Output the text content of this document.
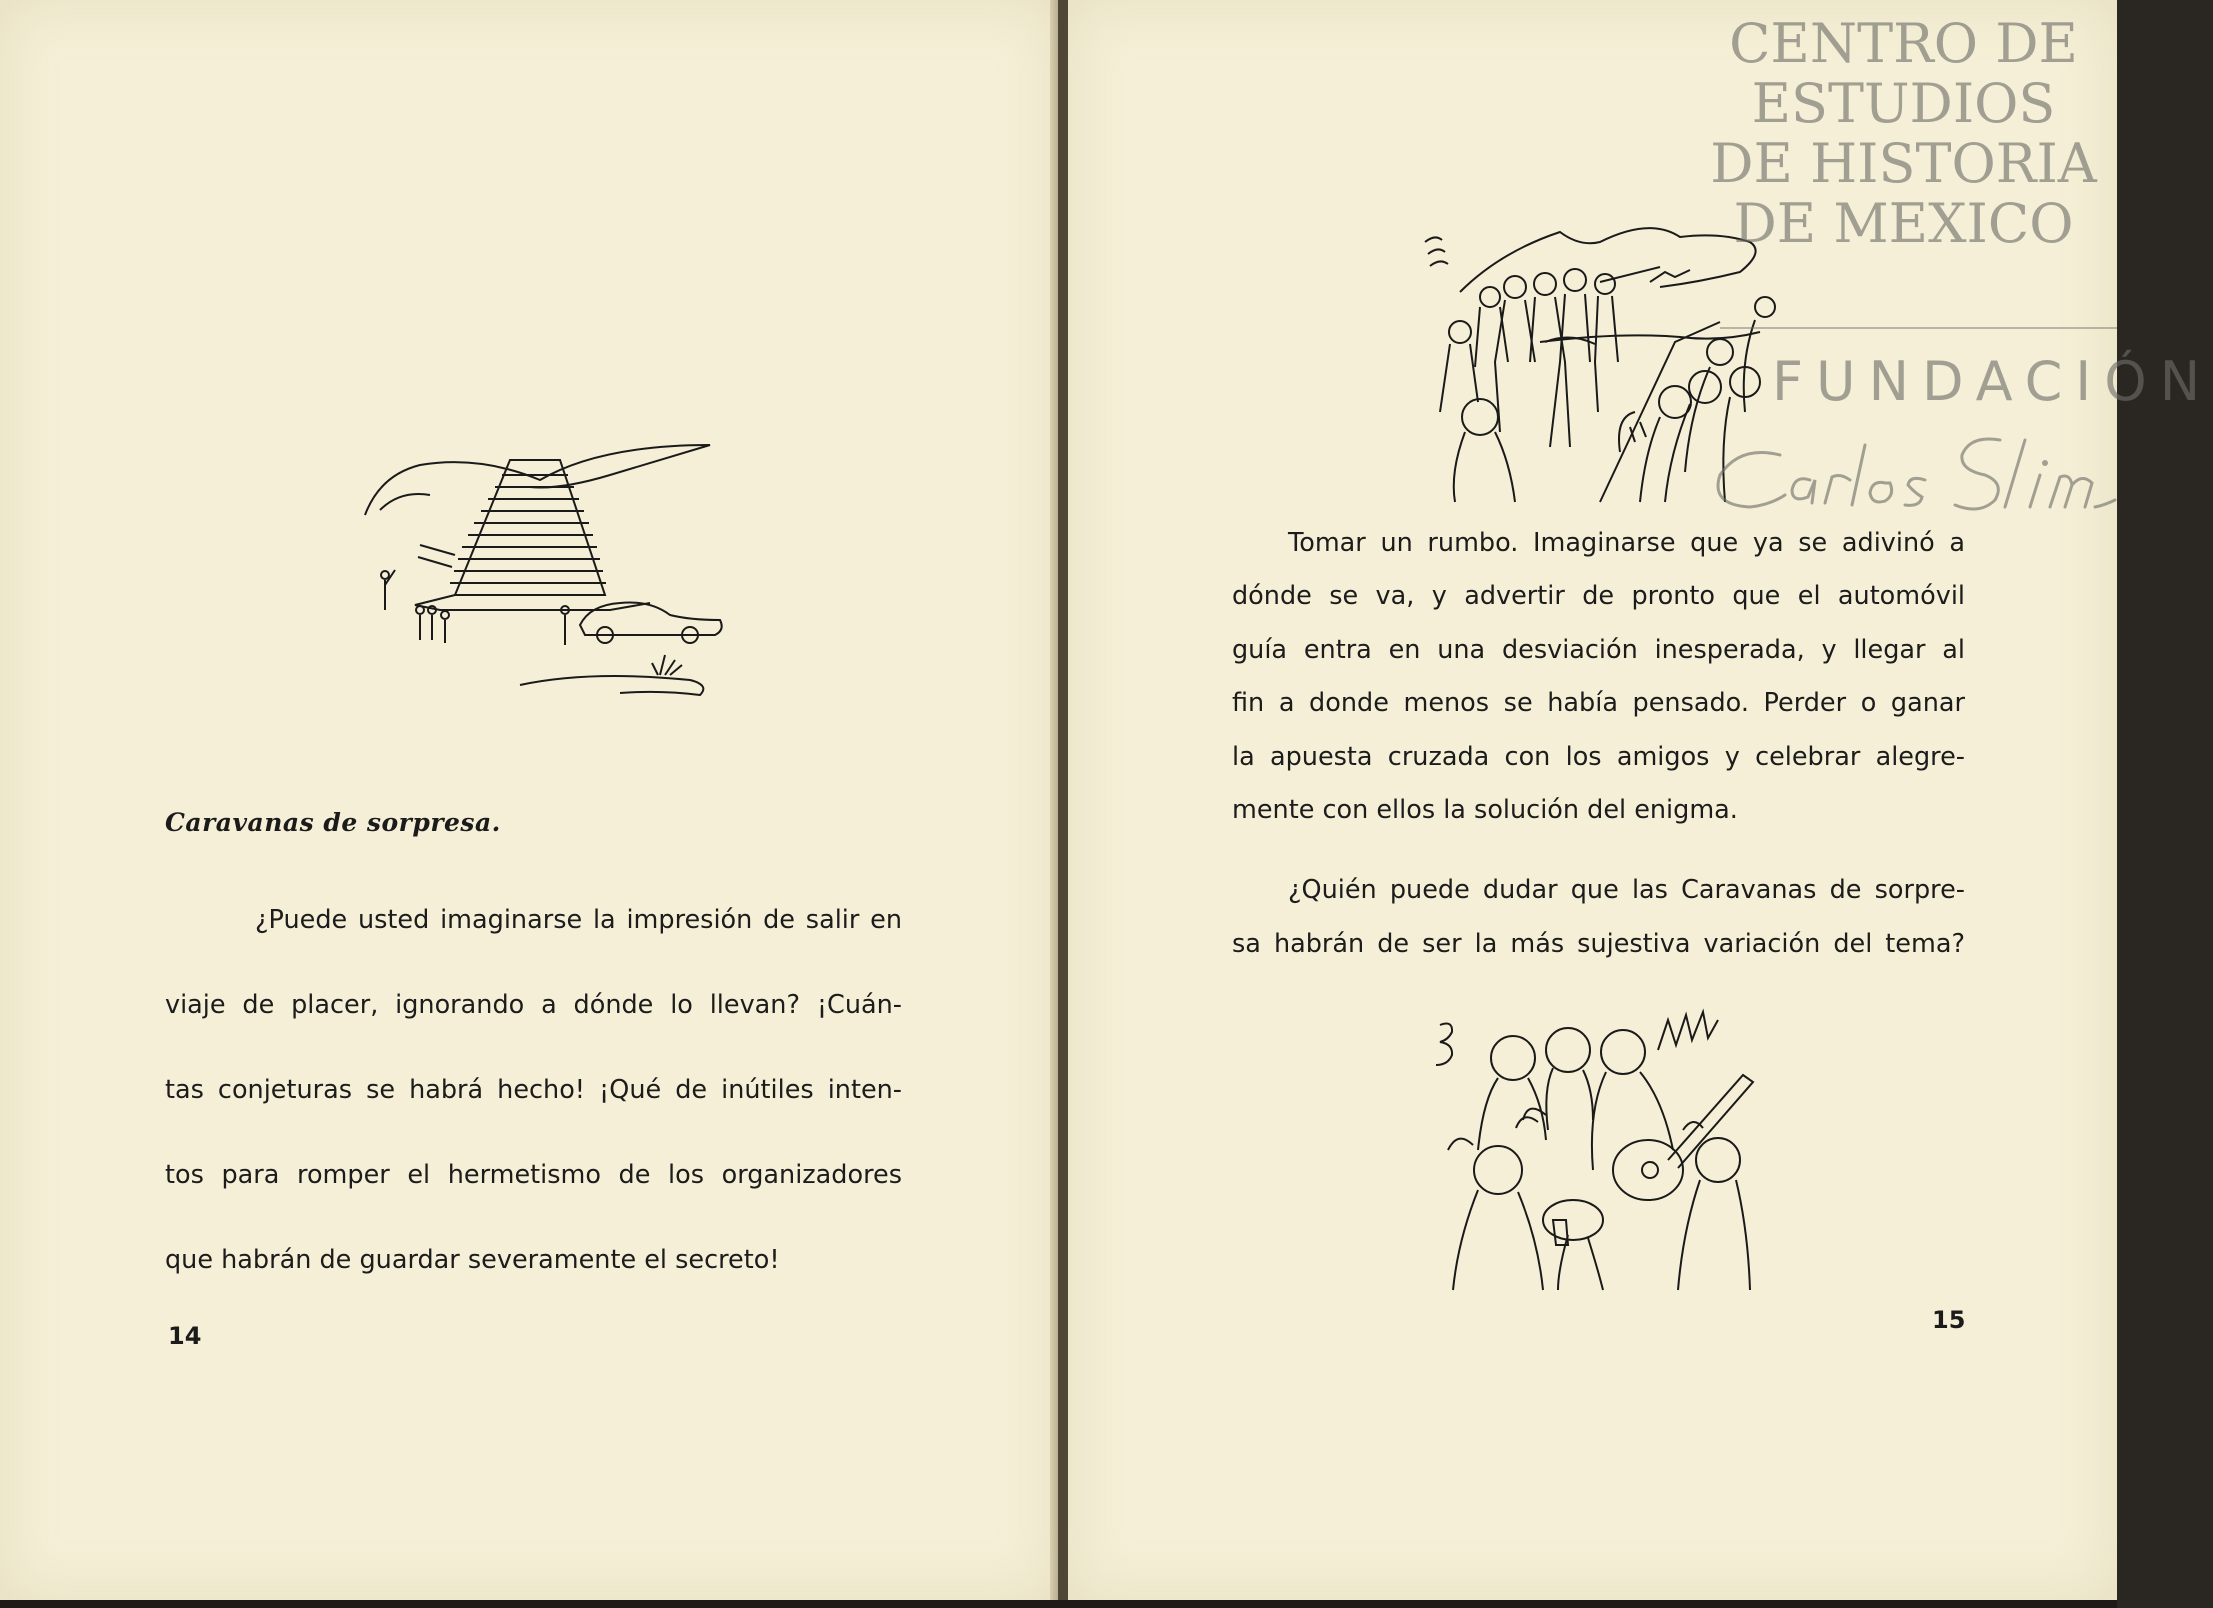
Caravanas de sorpresa.
¿Puede usted imaginarse la impresión de salir en
viaje de placer, ignorando a dónde lo llevan? ¡Cuán-
tas conjeturas se habrá hecho! ¡Qué de inútiles inten-
tos para romper el hermetismo de los organizadores
que habrán de guardar severamente el secreto!
14

Tomar un rumbo. Imaginarse que ya se adivinó a
dónde se va, y advertir de pronto que el automóvil
guía entra en una desviación inesperada, y llegar al
fin a donde menos se había pensado. Perder o ganar
la apuesta cruzada con los amigos y celebrar alegre-
mente con ellos la solución del enigma.
¿Quién puede dudar que las Caravanas de sorpre-
sa habrán de ser la más sujestiva variación del tema?
15
CENTRO DE
ESTUDIOS
DE HISTORIA
DE MEXICO
FUNDACIÓN
